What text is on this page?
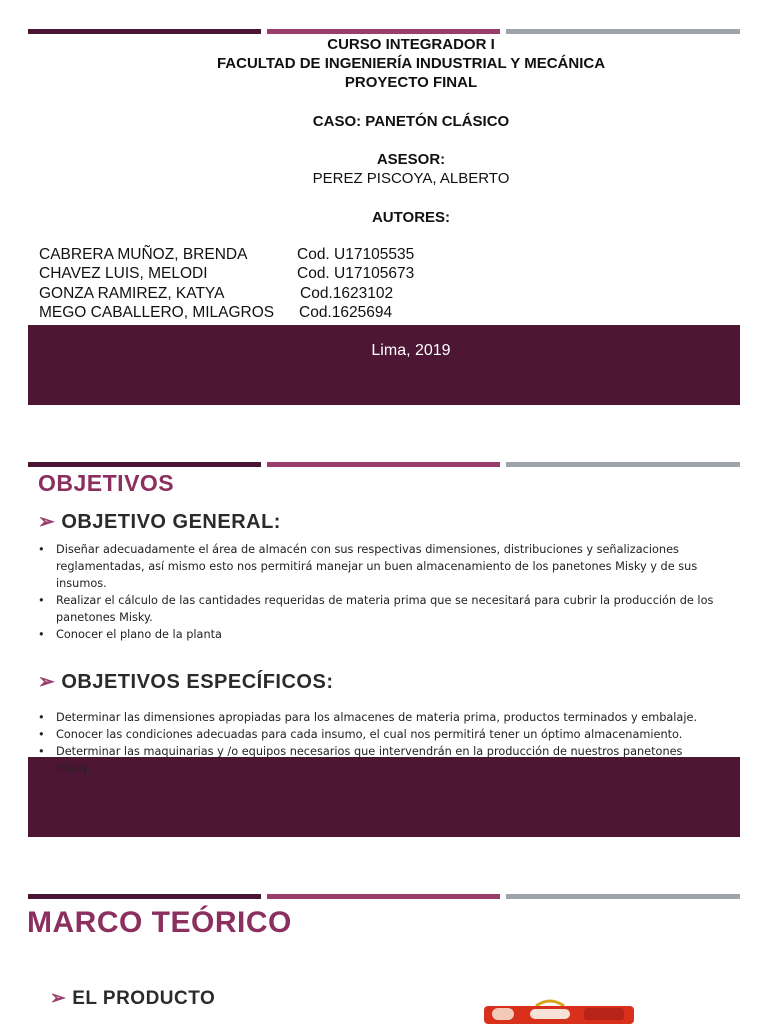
CURSO INTEGRADOR I
FACULTAD DE INGENIERÍA INDUSTRIAL Y MECÁNICA
PROYECTO FINAL
CASO: PANETÓN CLÁSICO
ASESOR:
PEREZ PISCOYA, ALBERTO
AUTORES:
CABRERA MUÑOZ, BRENDA	Cod. U17105535
CHAVEZ LUIS, MELODI	Cod. U17105673
GONZA RAMIREZ, KATYA	Cod.1623102
MEGO CABALLERO, MILAGROS Cod.1625694
Lima, 2019
OBJETIVOS
➢ OBJETIVO GENERAL:
• Diseñar adecuadamente el área de almacén con sus respectivas dimensiones, distribuciones y señalizaciones reglamentadas, así mismo esto nos permitirá manejar un buen almacenamiento de los panetones Misky y de sus insumos.
• Realizar el cálculo de las cantidades requeridas de materia prima que se necesitará para cubrir la producción de los panetones Misky.
• Conocer el plano de la planta
➢ OBJETIVOS ESPECÍFICOS:
• Determinar las dimensiones apropiadas para los almacenes de materia prima, productos terminados y embalaje.
• Conocer las condiciones adecuadas para cada insumo, el cual nos permitirá tener un óptimo almacenamiento.
• Determinar las maquinarias y /o equipos necesarios que intervendrán en la producción de nuestros panetones misky.
MARCO TEÓRICO
➢ EL PRODUCTO
